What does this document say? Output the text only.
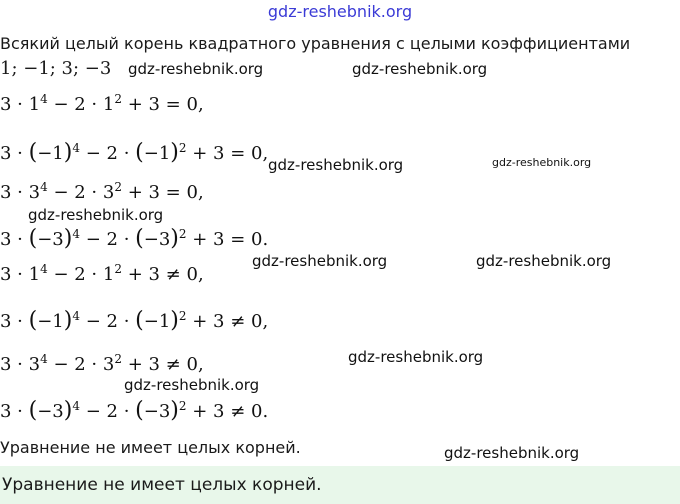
gdz-reshebnik.org
Всякий целый корень квадратного уравнения с целыми коэффициентами
1; −1; 3; −3
$3 \cdot 1^4 - 2 \cdot 1^2 + 3 = 0$,
$3 \cdot (-1)^4 - 2 \cdot (-1)^2 + 3 = 0$,
$3 \cdot 3^4 - 2 \cdot 3^2 + 3 = 0$,
$3 \cdot (-3)^4 - 2 \cdot (-3)^2 + 3 = 0$.
$3 \cdot 1^4 - 2 \cdot 1^2 + 3 \ne 0$,
$3 \cdot (-1)^4 - 2 \cdot (-1)^2 + 3 \ne 0$,
$3 \cdot 3^4 - 2 \cdot 3^2 + 3 \ne 0$,
$3 \cdot (-3)^4 - 2 \cdot (-3)^2 + 3 \ne 0$.
gdz-reshebnik.org	gdz-reshebnik.org
gdz-reshebnik.org	gdz-reshebnik.org
gdz-reshebnik.org
gdz-reshebnik.org	gdz-reshebnik.org
gdz-reshebnik.org
gdz-reshebnik.org
gdz-reshebnik.org
Уравнение не имеет целых корней.
Уравнение не имеет целых корней.
